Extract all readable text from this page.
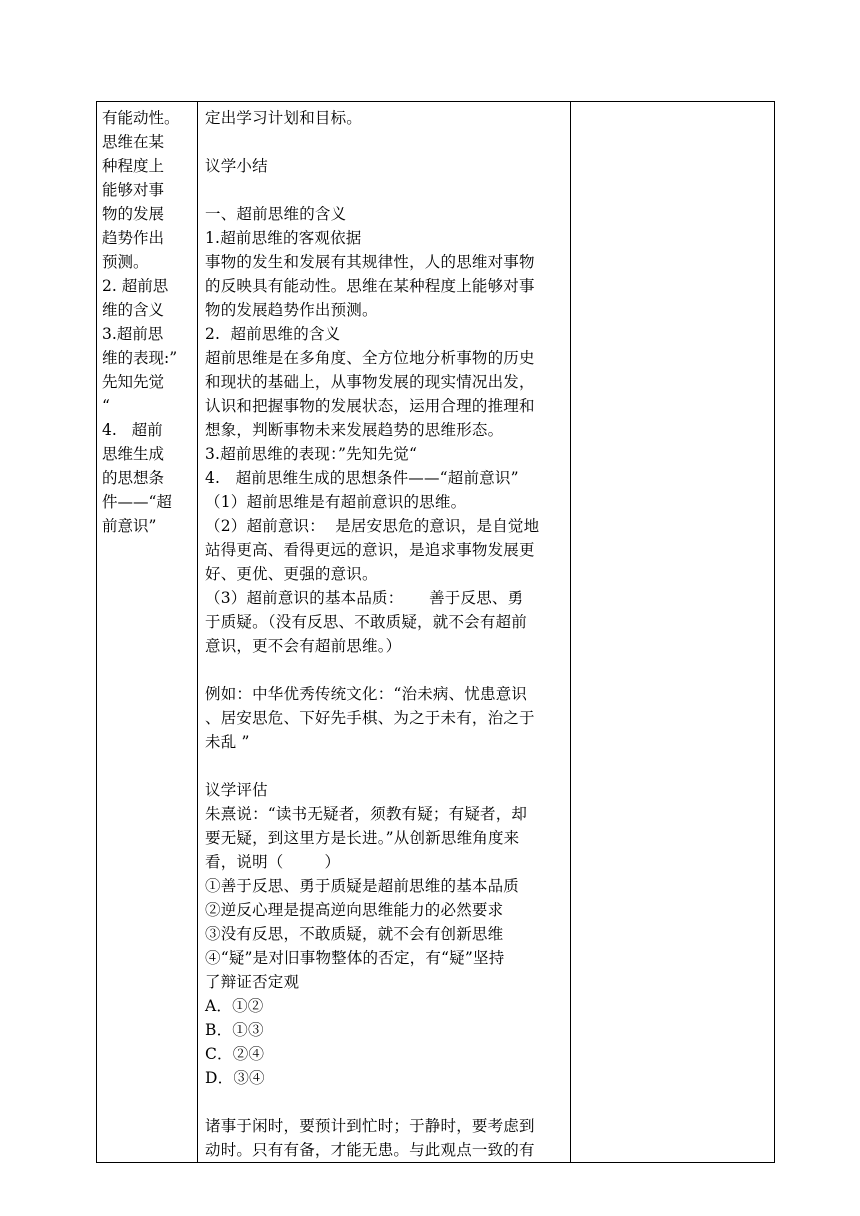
有能动性。
思维在某
种程度上
能够对事
物的发展
趋势作出
预测。
2. 超前思
维的含义
3.超前思
维的表现:”
先知先觉
“
4.   超前
思维生成
的思想条
件——“超
前意识”

定出学习计划和目标。
议学小结
一、超前思维的含义
1.超前思维的客观依据
事物的发生和发展有其规律性，人的思维对事物
的反映具有能动性。思维在某种程度上能够对事
物的发展趋势作出预测。
2.  超前思维的含义
超前思维是在多角度、全方位地分析事物的历史
和现状的基础上，从事物发展的现实情况出发，
认识和把握事物的发展状态，运用合理的推理和
想象，判断事物未来发展趋势的思维形态。
3.超前思维的表现：”先知先觉“
4.   超前思维生成的思想条件——“超前意识”
（1）超前思维是有超前意识的思维。
（2）超前意识：  是居安思危的意识，是自觉地
站得更高、看得更远的意识，是追求事物发展更
好、更优、更强的意识。
（3）超前意识的基本品质：     善于反思、勇
于质疑。（没有反思、不敢质疑，就不会有超前
意识，更不会有超前思维。）
例如：中华优秀传统文化：“治未病、忧患意识
、居安思危、下好先手棋、为之于未有，治之于
未乱 ”
议学评估
朱熹说：“读书无疑者，须教有疑；有疑者，却
要无疑，到这里方是长进。”从创新思维角度来
看，说明（        ）
①善于反思、勇于质疑是超前思维的基本品质
②逆反心理是提高逆向思维能力的必然要求
③没有反思，不敢质疑，就不会有创新思维
④“疑”是对旧事物整体的否定，有“疑”坚持
了辩证否定观
A．①②
B．①③
C．②④
D．③④
诸事于闲时，要预计到忙时；于静时，要考虑到
动时。只有有备，才能无患。与此观点一致的有
